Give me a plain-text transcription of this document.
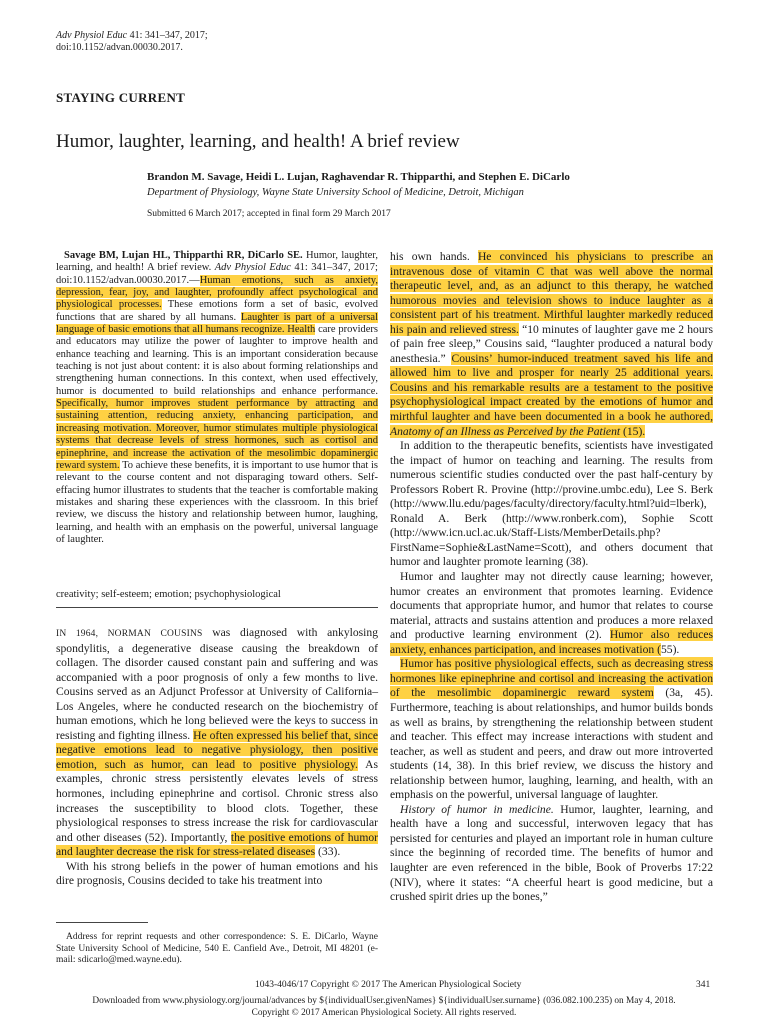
Adv Physiol Educ 41: 341–347, 2017;
doi:10.1152/advan.00030.2017.
STAYING CURRENT
Humor, laughter, learning, and health! A brief review
Brandon M. Savage, Heidi L. Lujan, Raghavendar R. Thipparthi, and Stephen E. DiCarlo
Department of Physiology, Wayne State University School of Medicine, Detroit, Michigan
Submitted 6 March 2017; accepted in final form 29 March 2017
Savage BM, Lujan HL, Thipparthi RR, DiCarlo SE. Humor, laughter, learning, and health! A brief review. Adv Physiol Educ 41: 341–347, 2017; doi:10.1152/advan.00030.2017.—Human emotions, such as anxiety, depression, fear, joy, and laughter, profoundly affect psychological and physiological processes. These emotions form a set of basic, evolved functions that are shared by all humans. Laughter is part of a universal language of basic emotions that all humans recognize. Health care providers and educators may utilize the power of laughter to improve health and enhance teaching and learning. This is an important consideration because teaching is not just about content: it is also about forming relationships and strengthening human connections. In this context, when used effectively, humor is documented to build relationships and enhance performance. Specifically, humor improves student performance by attracting and sustaining attention, reducing anxiety, enhancing participation, and increasing motivation. Moreover, humor stimulates multiple physiological systems that decrease levels of stress hormones, such as cortisol and epinephrine, and increase the activation of the mesolimbic dopaminergic reward system. To achieve these benefits, it is important to use humor that is relevant to the course content and not disparaging toward others. Self-effacing humor illustrates to students that the teacher is comfortable making mistakes and sharing these experiences with the classroom. In this brief review, we discuss the history and relationship between humor, laughing, learning, and health with an emphasis on the powerful, universal language of laughter.
creativity; self-esteem; emotion; psychophysiological

IN 1964, NORMAN COUSINS was diagnosed with ankylosing spondylitis, a degenerative disease causing the breakdown of collagen. The disorder caused constant pain and suffering and was accompanied with a poor prognosis of only a few months to live. Cousins served as an Adjunct Professor at University of California–Los Angeles, where he conducted research on the biochemistry of human emotions, which he long believed were the keys to success in resisting and fighting illness. He often expressed his belief that, since negative emotions lead to negative physiology, then positive emotion, such as humor, can lead to positive physiology. As examples, chronic stress persistently elevates levels of stress hormones, including epinephrine and cortisol. Chronic stress also increases the susceptibility to blood clots. Together, these physiological responses to stress increase the risk for cardiovascular and other diseases (52). Importantly, the positive emotions of humor and laughter decrease the risk for stress-related diseases (33).

With his strong beliefs in the power of human emotions and his dire prognosis, Cousins decided to take his treatment into

Address for reprint requests and other correspondence: S. E. DiCarlo, Wayne State University School of Medicine, 540 E. Canfield Ave., Detroit, MI 48201 (e-mail: sdicarlo@med.wayne.edu).

his own hands. He convinced his physicians to prescribe an intravenous dose of vitamin C that was well above the normal therapeutic level, and, as an adjunct to this therapy, he watched humorous movies and television shows to induce laughter as a consistent part of his treatment. Mirthful laughter markedly reduced his pain and relieved stress. “10 minutes of laughter gave me 2 hours of pain free sleep,” Cousins said, “laughter produced a natural body anesthesia.” Cousins’ humor-induced treatment saved his life and allowed him to live and prosper for nearly 25 additional years. Cousins and his remarkable results are a testament to the positive psychophysiological impact created by the emotions of humor and mirthful laughter and have been documented in a book he authored, Anatomy of an Illness as Perceived by the Patient (15).

In addition to the therapeutic benefits, scientists have investigated the impact of humor on teaching and learning. The results from numerous scientific studies conducted over the past half-century by Professors Robert R. Provine (http://provine.umbc.edu), Lee S. Berk (http://www.llu.edu/pages/faculty/directory/faculty.html?uid=lberk), Ronald A. Berk (http://www.ronberk.com), Sophie Scott (http://www.icn.ucl.ac.uk/Staff-Lists/MemberDetails.php?FirstName=Sophie&LastName=Scott), and others document that humor and laughter promote learning (38).

Humor and laughter may not directly cause learning; however, humor creates an environment that promotes learning. Evidence documents that appropriate humor, and humor that relates to course material, attracts and sustains attention and produces a more relaxed and productive learning environment (2). Humor also reduces anxiety, enhances participation, and increases motivation (55).

Humor has positive physiological effects, such as decreasing stress hormones like epinephrine and cortisol and increasing the activation of the mesolimbic dopaminergic reward system (3a, 45). Furthermore, teaching is about relationships, and humor builds bonds as well as brains, by strengthening the relationship between student and teacher. This effect may increase interactions with student and teacher, as well as student and peers, and draw out more introverted students (14, 38). In this brief review, we discuss the history and relationship between humor, laughing, learning, and health, with an emphasis on the powerful, universal language of laughter.

History of humor in medicine. Humor, laughter, learning, and health have a long and successful, interwoven legacy that has persisted for centuries and played an important role in human culture since the beginning of recorded time. The benefits of humor and laughter are even referenced in the bible, Book of Proverbs 17:22 (NIV), where it states: “A cheerful heart is good medicine, but a crushed spirit dries up the bones,”

1043-4046/17 Copyright © 2017 The American Physiological Society	341
Downloaded from www.physiology.org/journal/advances by ${individualUser.givenNames} ${individualUser.surname} (036.082.100.235) on May 4, 2018.
Copyright © 2017 American Physiological Society. All rights reserved.
